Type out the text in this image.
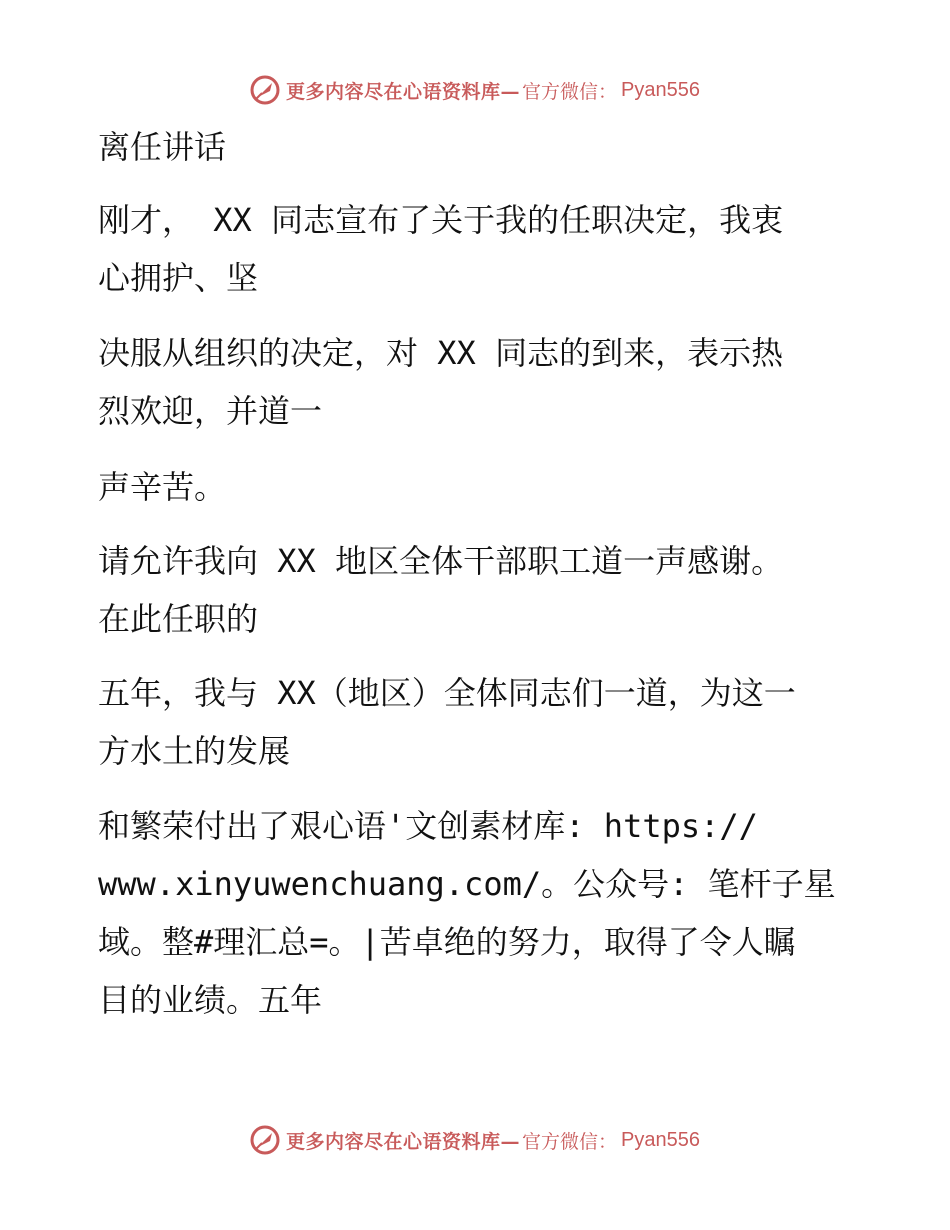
更多内容尽在心语资料库— 官方微信： Pyan556
离任讲话
刚才， XX 同志宣布了关于我的任职决定，我衷
心拥护、坚
决服从组织的决定，对 XX 同志的到来，表示热
烈欢迎，并道一
声辛苦。
请允许我向 XX 地区全体干部职工道一声感谢。
在此任职的
五年，我与 XX（地区）全体同志们一道，为这一
方水土的发展
和繁荣付出了艰心语'文创素材库: https://
www.xinyuwenchuang.com/。公众号: 笔杆子星
域。整#理汇总=。|苦卓绝的努力，取得了令人瞩
目的业绩。五年
更多内容尽在心语资料库— 官方微信： Pyan556
